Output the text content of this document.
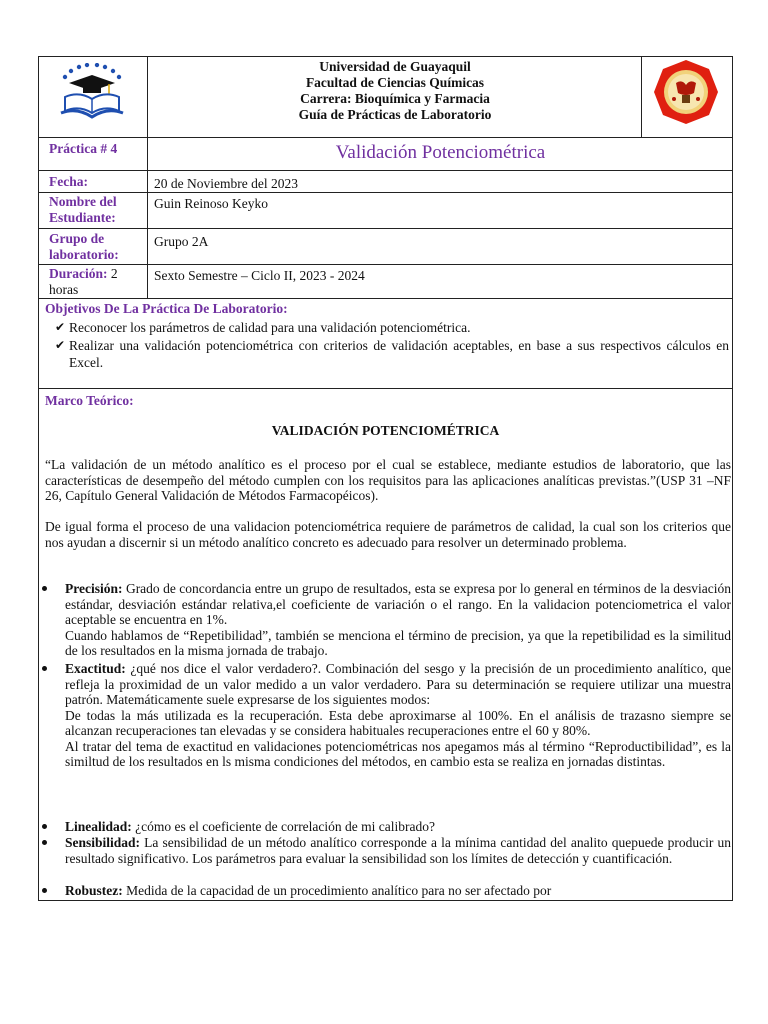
Universidad de Guayaquil
Facultad de Ciencias Químicas
Carrera: Bioquímica y Farmacia
Guía de Prácticas de Laboratorio
Práctica # 4	Validación Potenciométrica
Fecha:	20 de Noviembre del 2023
Nombre del
Estudiante:
Guin Reinoso Keyko
Grupo de
laboratorio:
Grupo 2A
Duración: 2
horas
Sexto Semestre – Ciclo II, 2023 - 2024
Objetivos De La Práctica De Laboratorio:
✔ Reconocer los parámetros de calidad para una validación potenciométrica.
✔ Realizar una validación potenciométrica con criterios de validación aceptables, en base a sus respectivos cálculos en Excel.
Marco Teórico:
VALIDACIÓN POTENCIOMÉTRICA
“La validación de un método analítico es el proceso por el cual se establece, mediante estudios de laboratorio, que las características de desempeño del método cumplen con los requisitos para las aplicaciones analíticas previstas.”(USP 31 –NF 26, Capítulo General Validación de Métodos Farmacopéicos).
De igual forma el proceso de una validacion potenciométrica requiere de parámetros de calidad, la cual son los criterios que nos ayudan a discernir si un método analítico concreto es adecuado para resolver un determinado problema.
Precisión: Grado de concordancia entre un grupo de resultados, esta se expresa por lo general en términos de la desviación estándar, desviación estándar relativa,el coeficiente de variación o el rango. En la validacion potenciometrica el valor aceptable se encuentra en 1%.
Cuando hablamos de “Repetibilidad”, también se menciona el término de precision, ya que la repetibilidad es la similitud de los resultados en la misma jornada de trabajo.
Exactitud: ¿qué nos dice el valor verdadero?. Combinación del sesgo y la precisión de un procedimiento analítico, que refleja la proximidad de un valor medido a un valor verdadero. Para su determinación se requiere utilizar una muestra patrón. Matemáticamente suele expresarse de los siguientes modos:
De todas la más utilizada es la recuperación. Esta debe aproximarse al 100%. En el análisis de trazasno siempre se alcanzan recuperaciones tan elevadas y se considera habituales recuperaciones entre el 60 y 80%.
Al tratar del tema de exactitud en validaciones potenciométricas nos apegamos más al término “Reproductibilidad”, es la similtud de los resultados en ls misma condiciones del métodos, en cambio esta se realiza en jornadas distintas.
Linealidad: ¿cómo es el coeficiente de correlación de mi calibrado?
Sensibilidad: La sensibilidad de un método analítico corresponde a la mínima cantidad del analito quepuede producir un resultado significativo. Los parámetros para evaluar la sensibilidad son los límites de detección y cuantificación.
Robustez: Medida de la capacidad de un procedimiento analítico para no ser afectado por
